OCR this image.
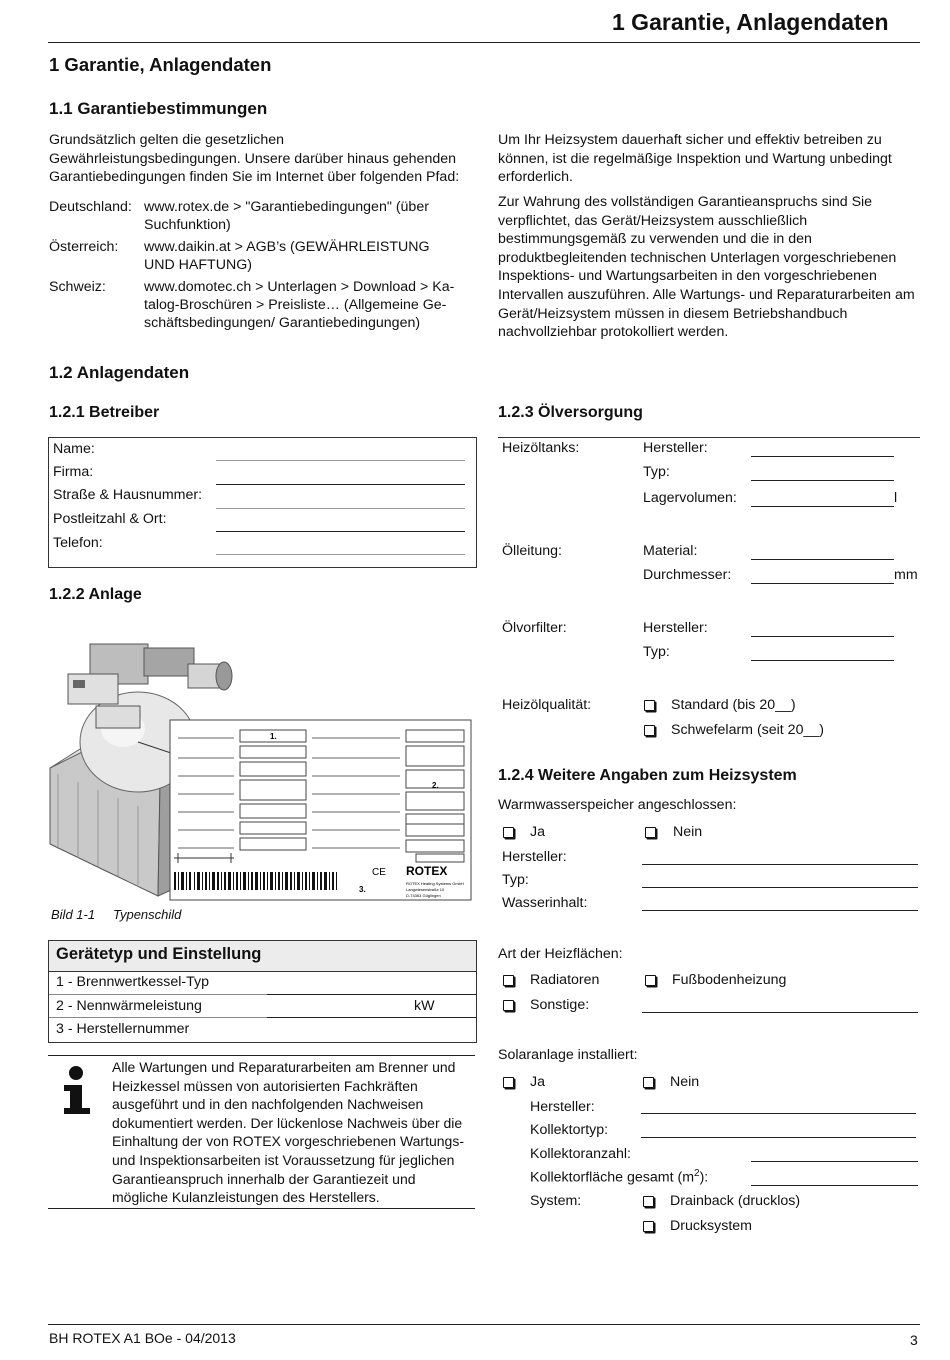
1 Garantie, Anlagendaten
1 Garantie, Anlagendaten
1.1 Garantiebestimmungen
Grundsätzlich gelten die gesetzlichen Gewährleistungsbedingungen. Unsere darüber hinaus gehenden Garantiebedingungen finden Sie im Internet über folgenden Pfad:
Deutschland: www.rotex.de > "Garantiebedingungen" (über
Suchfunktion)
Österreich: www.daikin.at > AGB’s (GEWÄHRLEISTUNG
UND HAFTUNG)
Schweiz:	www.domotec.ch > Unterlagen > Download > Ka-
talog-Broschüren > Preisliste… (Allgemeine Ge-
schäftsbedingungen/ Garantiebedingungen)
Um Ihr Heizsystem dauerhaft sicher und effektiv betreiben zu können, ist die regelmäßige Inspektion und Wartung unbedingt erforderlich.
Zur Wahrung des vollständigen Garantieanspruchs sind Sie verpflichtet, das Gerät/Heizsystem ausschließlich bestimmungsgemäß zu verwenden und die in den produktbegleitenden technischen Unterlagen vorgeschriebenen Inspektions- und Wartungsarbeiten in den vorgeschriebenen Intervallen auszuführen. Alle Wartungs- und Reparaturarbeiten am Gerät/Heizsystem müssen in diesem Betriebshandbuch nachvollziehbar protokolliert werden.
1.2 Anlagendaten
1.2.1 Betreiber
Name:
Firma:
Straße & Hausnummer:
Postleitzahl & Ort:
Telefon:
1.2.2 Anlage
1.
2.
3.
CE ROTEX
ROTEX Heating Systems GmbH
Langwiesenstraße 10
D-74363 Güglingen
Bild 1-1 Typenschild
Gerätetyp und Einstellung
1 - Brennwertkessel-Typ
2 - Nennwärmeleistung	kW
3 - Herstellernummer
Alle Wartungen und Reparaturarbeiten am Brenner und Heizkessel müssen von autorisierten Fachkräften ausgeführt und in den nachfolgenden Nachweisen dokumentiert werden. Der lückenlose Nachweis über die Einhaltung der von ROTEX vorgeschriebenen Wartungs- und Inspektionsarbeiten ist Voraussetzung für jeglichen Garantieanspruch innerhalb der Garantiezeit und mögliche Kulanzleistungen des Herstellers.
1.2.3 Ölversorgung
Heizöltanks:	Hersteller:
Typ:
Lagervolumen:	l
Ölleitung:	Material:
Durchmesser:	mm
Ölvorfilter:	Hersteller:
Typ:
Heizölqualität:	Standard (bis 20__)
Schwefelarm (seit 20__)
1.2.4 Weitere Angaben zum Heizsystem
Warmwasserspeicher angeschlossen:
Ja	Nein
Hersteller:
Typ:
Wasserinhalt:
Art der Heizflächen:
Radiatoren	Fußbodenheizung
Sonstige:
Solaranlage installiert:
Ja	Nein
Hersteller:
Kollektortyp:
Kollektoranzahl:
Kollektorfläche gesamt $(m^2)$:
System:	Drainback (drucklos)
Drucksystem
BH ROTEX A1 BOe - 04/2013	3
